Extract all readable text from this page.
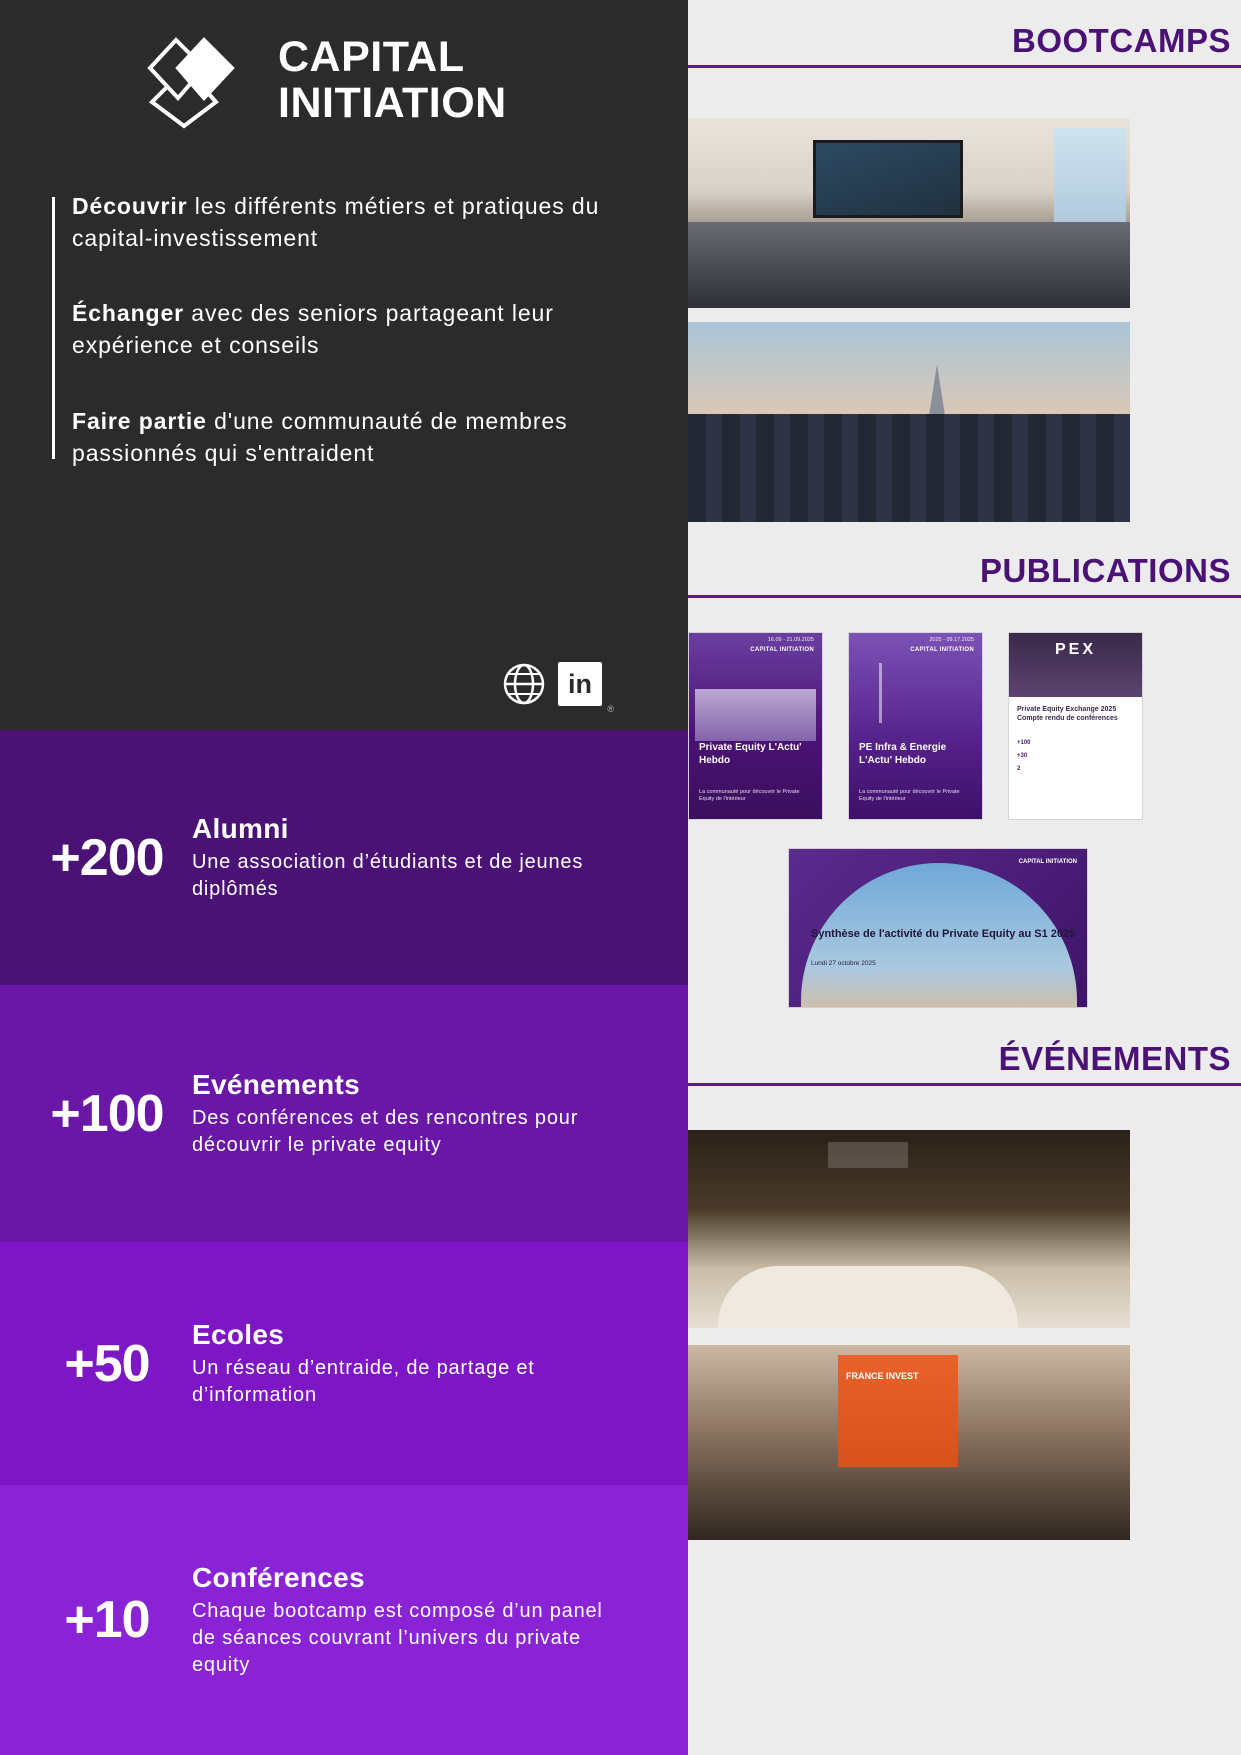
CAPITAL
INITIATION
Découvrir les différents métiers et pratiques du capital-investissement
Échanger avec des seniors partageant leur expérience et conseils
Faire partie d'une communauté de membres passionnés qui s'entraident
in
®
+200
Alumni
Une association d’étudiants et de jeunes diplômés
+100
Evénements
Des conférences et des rencontres pour découvrir le private equity
+50
Ecoles
Un réseau d’entraide, de partage et d’information
+10
Conférences
Chaque bootcamp est composé d’un panel de séances couvrant l’univers du private equity
BOOTCAMPS
PUBLICATIONS
16.09 - 21.09.2025
CAPITAL INITIATION
Private Equity L'Actu' Hebdo
La communauté pour découvrir le Private Equity de l'intérieur
2025 - 09.17.2025
CAPITAL INITIATION
PE Infra & Energie L'Actu' Hebdo
La communauté pour découvrir le Private Equity de l'intérieur
PEX
Private Equity Exchange 2025 Compte rendu de conférences
+100
+30
2
CAPITAL INITIATION
Synthèse de l'activité du Private Equity au S1 2025
Lundi 27 octobre 2025
ÉVÉNEMENTS
FRANCE INVEST
